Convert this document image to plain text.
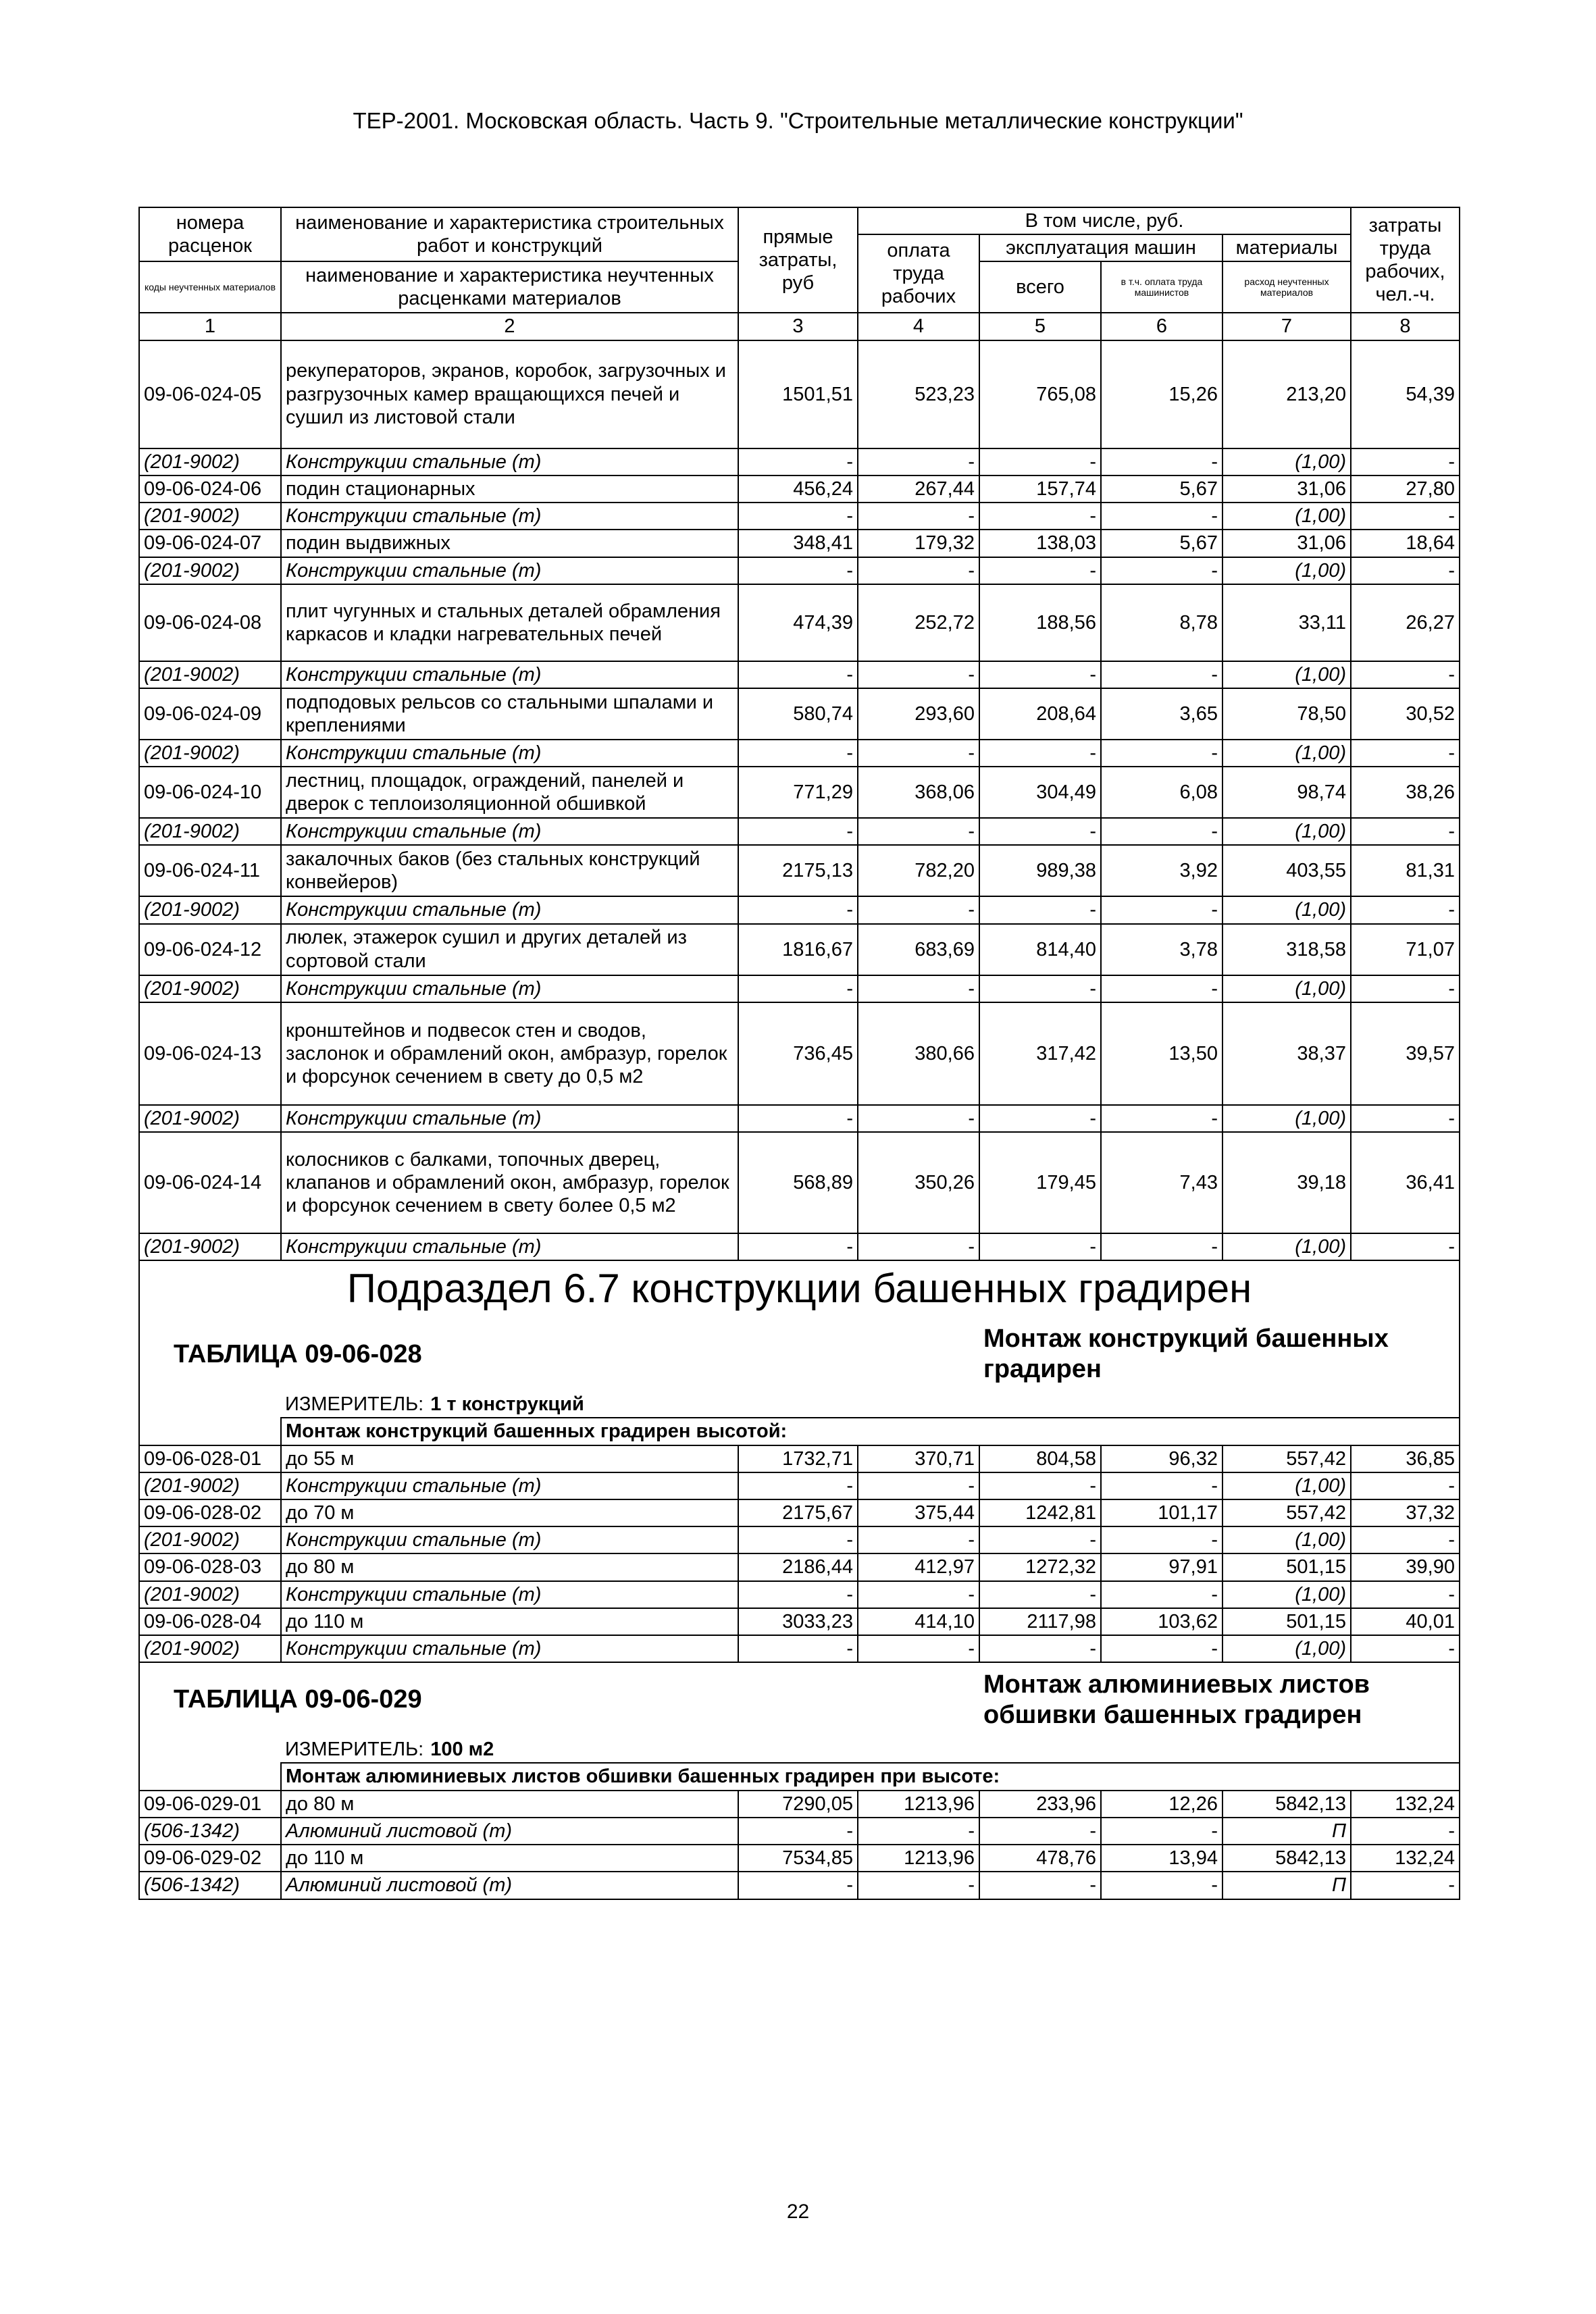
ТЕР-2001. Московская область. Часть 9. "Строительные металлические конструкции"
номера расценок	наименование и характеристика строительных работ и конструкций	прямые затраты, руб	В том числе, руб.				затраты труда рабочих, чел.-ч.
			оплата труда рабочих	эксплуатация машин		материалы	
коды неучтенных материалов	наименование и характеристика неучтенных расценками материалов			всего	в т.ч. оплата труда машинистов	расход неучтенных материалов	

1	2	3	4	5	6	7	8
09-06-024-05	рекуператоров, экранов, коробок, загрузочных и разгрузочных камер вращающихся печей и сушил из листовой стали	1501,51	523,23	765,08	15,26	213,20	54,39
(201-9002)	Конструкции стальные (т)	-	-	-	-	(1,00)	-
09-06-024-06	подин стационарных	456,24	267,44	157,74	5,67	31,06	27,80
(201-9002)	Конструкции стальные (т)	-	-	-	-	(1,00)	-
09-06-024-07	подин выдвижных	348,41	179,32	138,03	5,67	31,06	18,64
(201-9002)	Конструкции стальные (т)	-	-	-	-	(1,00)	-
09-06-024-08	плит чугунных и стальных деталей обрамления каркасов и кладки нагревательных печей	474,39	252,72	188,56	8,78	33,11	26,27
(201-9002)	Конструкции стальные (т)	-	-	-	-	(1,00)	-
09-06-024-09	подподовых рельсов со стальными шпалами и креплениями	580,74	293,60	208,64	3,65	78,50	30,52
(201-9002)	Конструкции стальные (т)	-	-	-	-	(1,00)	-
09-06-024-10	лестниц, площадок, ограждений, панелей и дверок с теплоизоляционной обшивкой	771,29	368,06	304,49	6,08	98,74	38,26
(201-9002)	Конструкции стальные (т)	-	-	-	-	(1,00)	-
09-06-024-11	закалочных баков (без стальных конструкций конвейеров)	2175,13	782,20	989,38	3,92	403,55	81,31
(201-9002)	Конструкции стальные (т)	-	-	-	-	(1,00)	-
09-06-024-12	люлек, этажерок сушил и других деталей из сортовой стали	1816,67	683,69	814,40	3,78	318,58	71,07
(201-9002)	Конструкции стальные (т)	-	-	-	-	(1,00)	-
09-06-024-13	кронштейнов и подвесок стен и сводов, заслонок и обрамлений окон, амбразур, горелок и форсунок сечением в свету до 0,5 м2	736,45	380,66	317,42	13,50	38,37	39,57
(201-9002)	Конструкции стальные (т)	-	-	-	-	(1,00)	-
09-06-024-14	колосников с балками, топочных дверец, клапанов и обрамлений окон, амбразур, горелок и форсунок сечением в свету более 0,5 м2	568,89	350,26	179,45	7,43	39,18	36,41
(201-9002)	Конструкции стальные (т)	-	-	-	-	(1,00)	-
Подраздел 6.7 конструкции башенных градирен							
ТАБЛИЦА 09-06-028				Монтаж конструкций башенных градирен			
	ИЗМЕРИТЕЛЬ: 1 т конструкций						
	Монтаж конструкций башенных градирен высотой:						
09-06-028-01	до 55 м	1732,71	370,71	804,58	96,32	557,42	36,85
(201-9002)	Конструкции стальные (т)	-	-	-	-	(1,00)	-
09-06-028-02	до 70 м	2175,67	375,44	1242,81	101,17	557,42	37,32
(201-9002)	Конструкции стальные (т)	-	-	-	-	(1,00)	-
09-06-028-03	до 80 м	2186,44	412,97	1272,32	97,91	501,15	39,90
(201-9002)	Конструкции стальные (т)	-	-	-	-	(1,00)	-
09-06-028-04	до 110 м	3033,23	414,10	2117,98	103,62	501,15	40,01
(201-9002)	Конструкции стальные (т)	-	-	-	-	(1,00)	-
ТАБЛИЦА 09-06-029				Монтаж алюминиевых листов обшивки башенных градирен			
	ИЗМЕРИТЕЛЬ: 100 м2						
	Монтаж алюминиевых листов обшивки башенных градирен при высоте:						
09-06-029-01	до 80 м	7290,05	1213,96	233,96	12,26	5842,13	132,24
(506-1342)	Алюминий листовой (т)	-	-	-	-	П	-
09-06-029-02	до 110 м	7534,85	1213,96	478,76	13,94	5842,13	132,24
(506-1342)	Алюминий листовой (т)	-	-	-	-	П	-
22
